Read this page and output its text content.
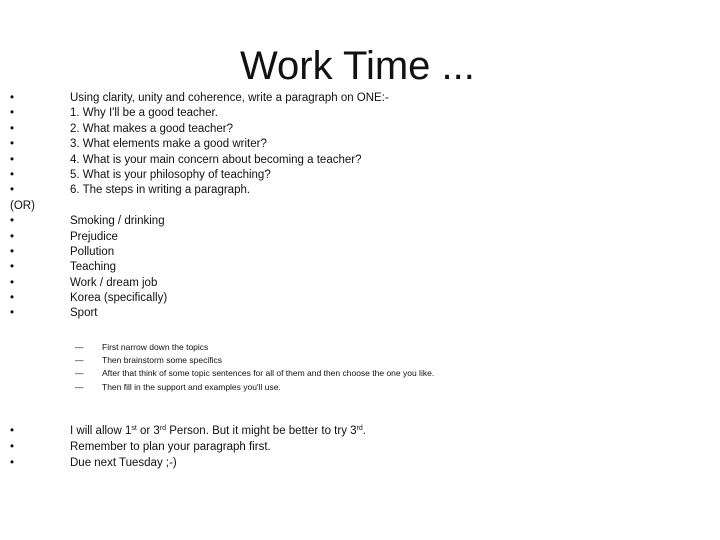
Work Time ...
•	Using clarity, unity and coherence, write a paragraph on ONE:-
•	1. Why I'll be a good teacher.
•	2. What makes a good teacher?
•	3. What elements make a good writer?
•	4. What is your main concern about becoming a teacher?
•	5. What is your philosophy of teaching?
•	6. The steps in writing a paragraph.
(OR)
•	Smoking / drinking
•	Prejudice
•	Pollution
•	Teaching
•	Work / dream job
•	Korea (specifically)
•	Sport
—	First narrow down the topics
—	Then brainstorm some specifics
—	After that think of some topic sentences for all of them and then choose the one you like.
—	Then fill in the support and examples you'll use.
•	I will allow 1st or 3rd Person. But it might be better to try 3rd.
•	Remember to plan your paragraph first.
•	Due next Tuesday ;-)
